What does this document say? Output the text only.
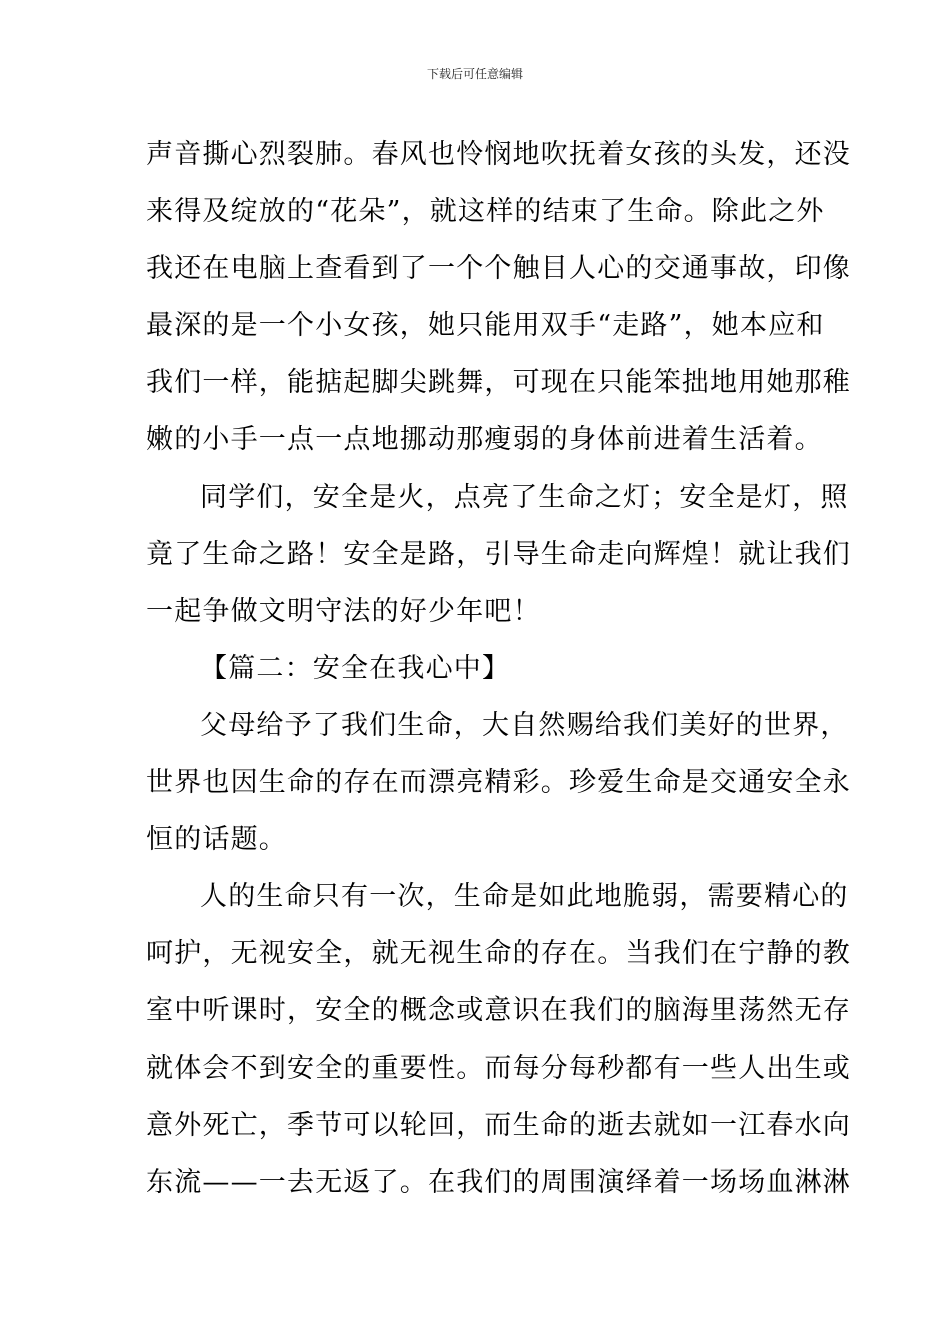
下载后可任意编辑
声音撕心烈裂肺。春风也怜悯地吹抚着女孩的头发，还没
来得及绽放的“花朵”，就这样的结束了生命。除此之外
我还在电脑上查看到了一个个触目人心的交通事故，印像
最深的是一个小女孩，她只能用双手“走路”，她本应和
我们一样，能掂起脚尖跳舞，可现在只能笨拙地用她那稚
嫩的小手一点一点地挪动那瘦弱的身体前进着生活着。
同学们，安全是火，点亮了生命之灯；安全是灯，照
竟了生命之路！安全是路，引导生命走向辉煌！就让我们
一起争做文明守法的好少年吧！
【篇二：安全在我心中】
父母给予了我们生命，大自然赐给我们美好的世界，
世界也因生命的存在而漂亮精彩。珍爱生命是交通安全永
恒的话题。
人的生命只有一次，生命是如此地脆弱，需要精心的
呵护，无视安全，就无视生命的存在。当我们在宁静的教
室中听课时，安全的概念或意识在我们的脑海里荡然无存
就体会不到安全的重要性。而每分每秒都有一些人出生或
意外死亡，季节可以轮回，而生命的逝去就如一江春水向
东流——一去无返了。在我们的周围演绎着一场场血淋淋
